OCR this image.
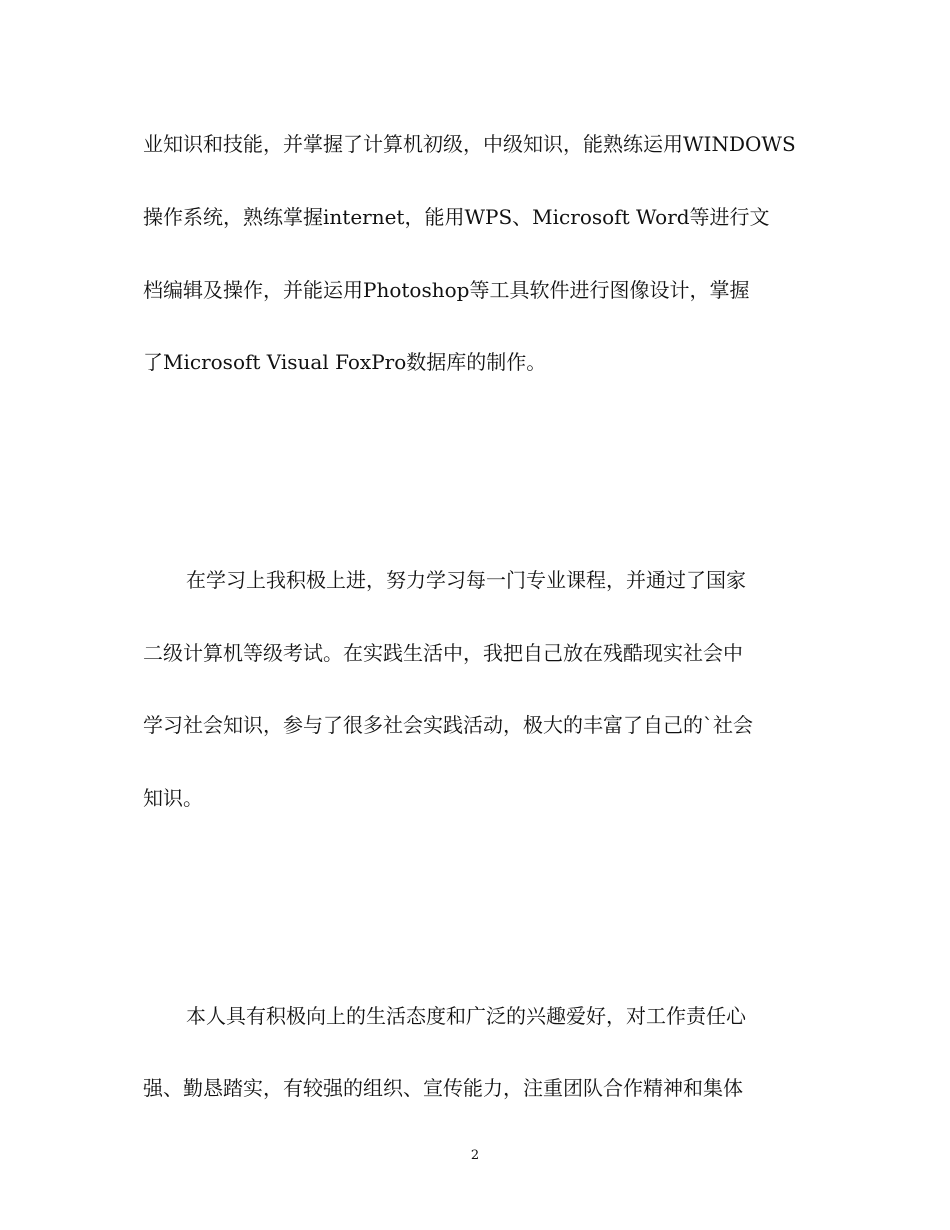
业知识和技能，并掌握了计算机初级，中级知识，能熟练运用WINDOWS
操作系统，熟练掌握internet，能用WPS、Microsoft Word等进行文
档编辑及操作，并能运用Photoshop等工具软件进行图像设计，掌握
了Microsoft Visual FoxPro数据库的制作。
在学习上我积极上进，努力学习每一门专业课程，并通过了国家
二级计算机等级考试。在实践生活中，我把自己放在残酷现实社会中
学习社会知识，参与了很多社会实践活动，极大的丰富了自己的`社会
知识。
本人具有积极向上的生活态度和广泛的兴趣爱好，对工作责任心
强、勤恳踏实，有较强的组织、宣传能力，注重团队合作精神和集体
2
